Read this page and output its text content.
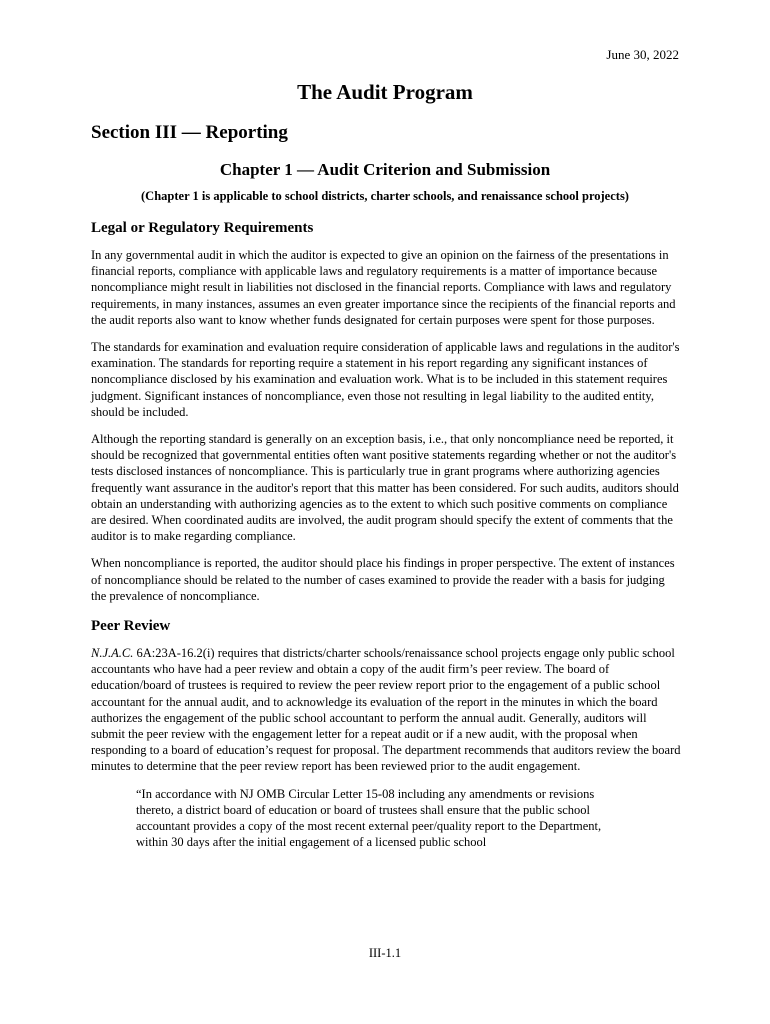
June 30, 2022
The Audit Program
Section III — Reporting
Chapter 1 — Audit Criterion and Submission
(Chapter 1 is applicable to school districts, charter schools, and renaissance school projects)
Legal or Regulatory Requirements

In any governmental audit in which the auditor is expected to give an opinion on the fairness of the presentations in financial reports, compliance with applicable laws and regulatory requirements is a matter of importance because noncompliance might result in liabilities not disclosed in the financial reports. Compliance with laws and regulatory requirements, in many instances, assumes an even greater importance since the recipients of the financial reports and the audit reports also want to know whether funds designated for certain purposes were spent for those purposes.

The standards for examination and evaluation require consideration of applicable laws and regulations in the auditor's examination. The standards for reporting require a statement in his report regarding any significant instances of noncompliance disclosed by his examination and evaluation work. What is to be included in this statement requires judgment. Significant instances of noncompliance, even those not resulting in legal liability to the audited entity, should be included.

Although the reporting standard is generally on an exception basis, i.e., that only noncompliance need be reported, it should be recognized that governmental entities often want positive statements regarding whether or not the auditor's tests disclosed instances of noncompliance. This is particularly true in grant programs where authorizing agencies frequently want assurance in the auditor's report that this matter has been considered. For such audits, auditors should obtain an understanding with authorizing agencies as to the extent to which such positive comments on compliance are desired. When coordinated audits are involved, the audit program should specify the extent of comments that the auditor is to make regarding compliance.

When noncompliance is reported, the auditor should place his findings in proper perspective. The extent of instances of noncompliance should be related to the number of cases examined to provide the reader with a basis for judging the prevalence of noncompliance.

Peer Review

N.J.A.C. 6A:23A-16.2(i) requires that districts/charter schools/renaissance school projects engage only public school accountants who have had a peer review and obtain a copy of the audit firm’s peer review. The board of education/board of trustees is required to review the peer review report prior to the engagement of a public school accountant for the annual audit, and to acknowledge its evaluation of the report in the minutes in which the board authorizes the engagement of the public school accountant to perform the annual audit. Generally, auditors will submit the peer review with the engagement letter for a repeat audit or if a new audit, with the proposal when responding to a board of education’s request for proposal. The department recommends that auditors review the board minutes to determine that the peer review report has been reviewed prior to the audit engagement.

“In accordance with NJ OMB Circular Letter 15-08 including any amendments or revisions thereto, a district board of education or board of trustees shall ensure that the public school accountant provides a copy of the most recent external peer/quality report to the Department, within 30 days after the initial engagement of a licensed public school

III-1.1
